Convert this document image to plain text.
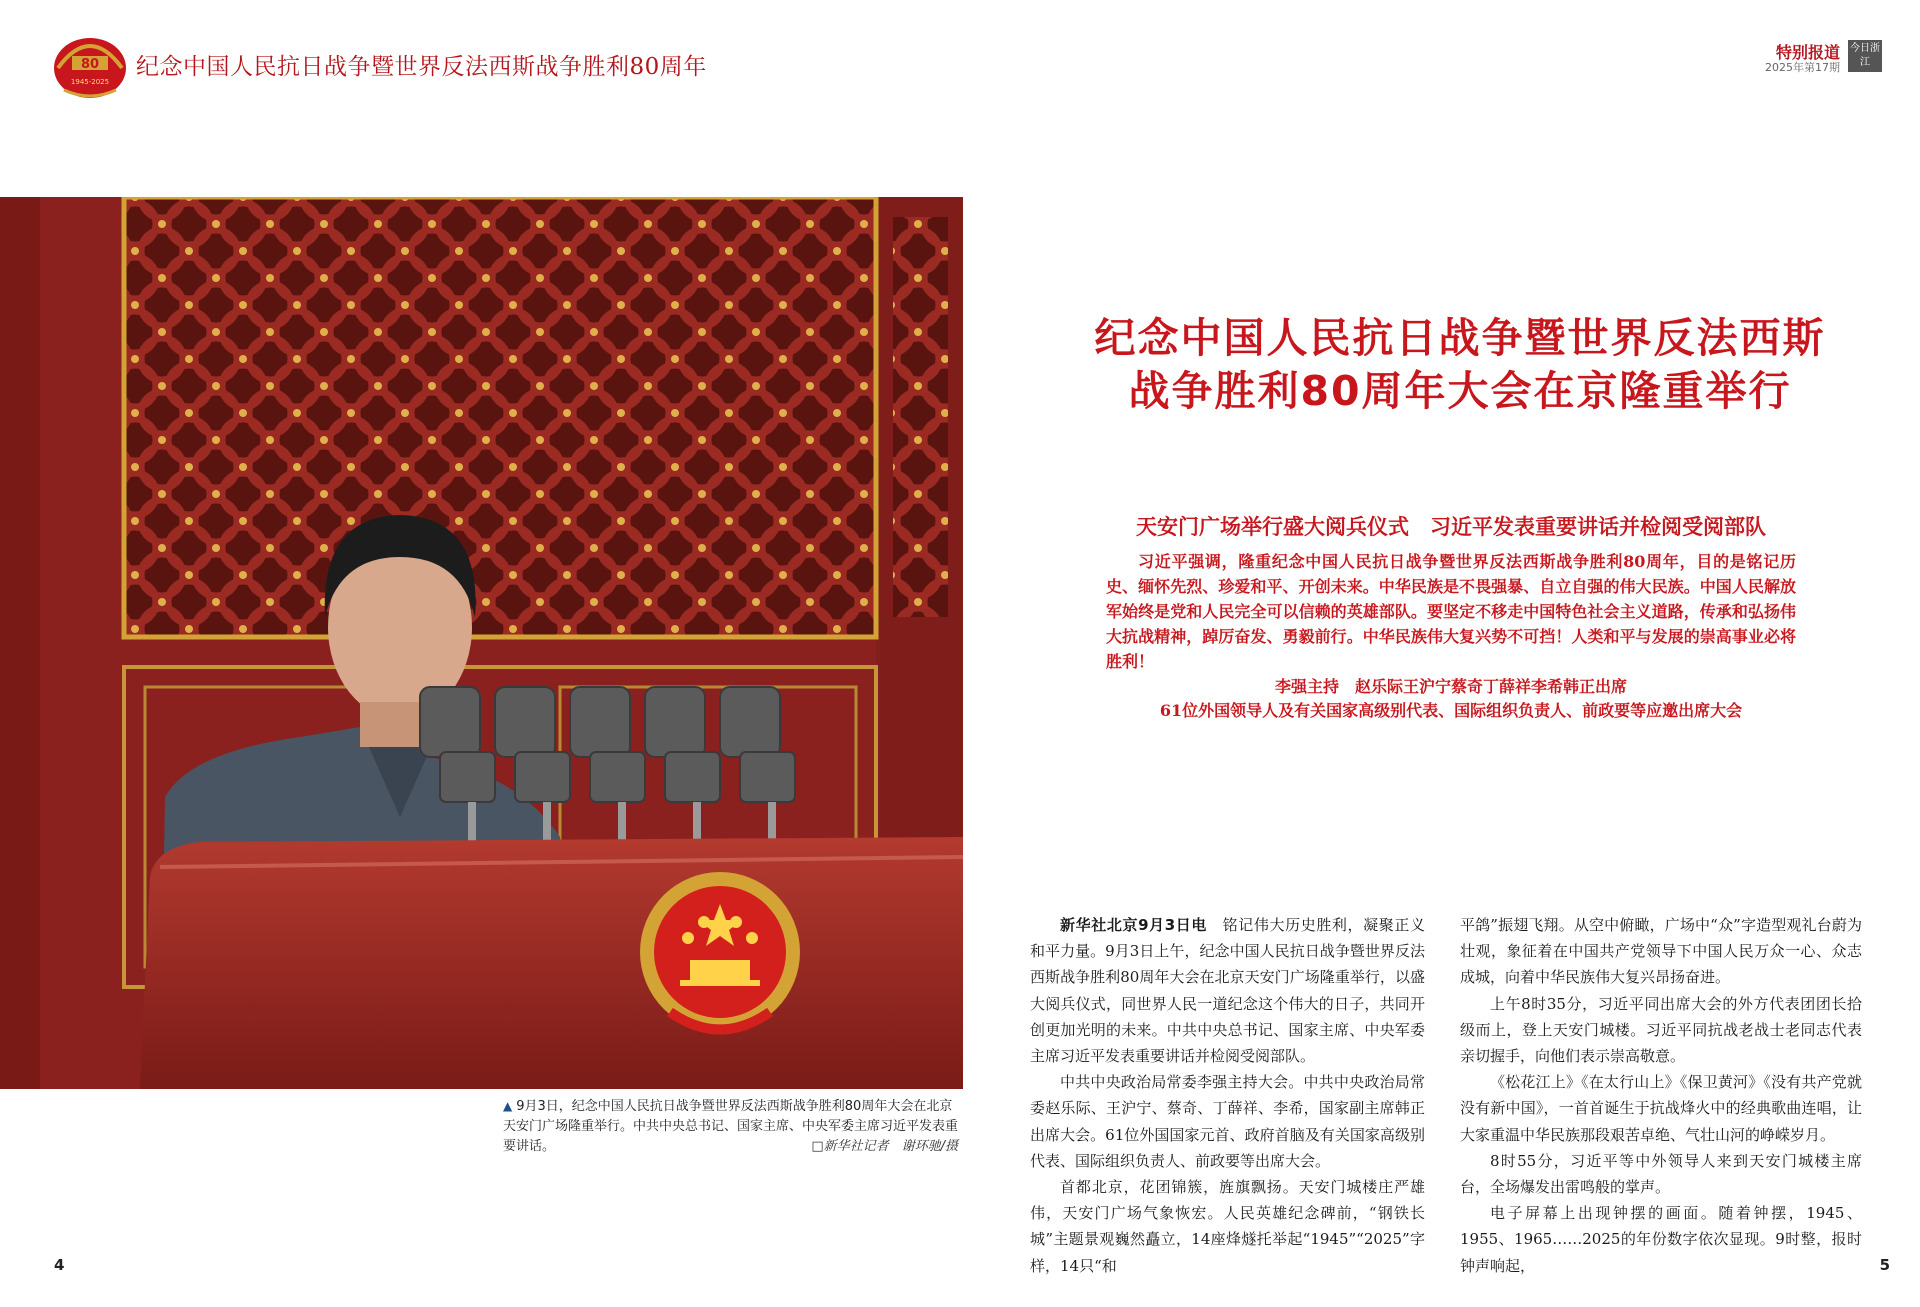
80
1945-2025
纪念中国人民抗日战争暨世界反法西斯战争胜利80周年
特别报道
2025年第17期
今日浙江
▲ 9月3日，纪念中国人民抗日战争暨世界反法西斯战争胜利80周年大会在北京天安门广场隆重举行。中共中央总书记、国家主席、中央军委主席习近平发表重要讲话。	□新华社记者　谢环驰/摄
纪念中国人民抗日战争暨世界反法西斯
战争胜利80周年大会在京隆重举行
天安门广场举行盛大阅兵仪式　习近平发表重要讲话并检阅受阅部队
习近平强调，隆重纪念中国人民抗日战争暨世界反法西斯战争胜利80周年，目的是铭记历史、缅怀先烈、珍爱和平、开创未来。中华民族是不畏强暴、自立自强的伟大民族。中国人民解放军始终是党和人民完全可以信赖的英雄部队。要坚定不移走中国特色社会主义道路，传承和弘扬伟大抗战精神，踔厉奋发、勇毅前行。中华民族伟大复兴势不可挡！人类和平与发展的崇高事业必将胜利！
李强主持　赵乐际王沪宁蔡奇丁薛祥李希韩正出席
61位外国领导人及有关国家高级别代表、国际组织负责人、前政要等应邀出席大会

新华社北京9月3日电　 铭记伟大历史胜利，凝聚正义和平力量。9月3日上午，纪念中国人民抗日战争暨世界反法西斯战争胜利80周年大会在北京天安门广场隆重举行，以盛大阅兵仪式，同世界人民一道纪念这个伟大的日子，共同开创更加光明的未来。中共中央总书记、国家主席、中央军委主席习近平发表重要讲话并检阅受阅部队。

中共中央政治局常委李强主持大会。中共中央政治局常委赵乐际、王沪宁、蔡奇、丁薛祥、李希，国家副主席韩正出席大会。61位外国国家元首、政府首脑及有关国家高级别代表、国际组织负责人、前政要等出席大会。

首都北京，花团锦簇，旌旗飘扬。天安门城楼庄严雄伟，天安门广场气象恢宏。人民英雄纪念碑前，“钢铁长城”主题景观巍然矗立，14座烽燧托举起“1945”“2025”字样，14只“和

平鸽”振翅飞翔。从空中俯瞰，广场中“众”字造型观礼台蔚为壮观，象征着在中国共产党领导下中国人民万众一心、众志成城，向着中华民族伟大复兴昂扬奋进。

上午8时35分，习近平同出席大会的外方代表团团长拾级而上，登上天安门城楼。习近平同抗战老战士老同志代表亲切握手，向他们表示崇高敬意。

《松花江上》《在太行山上》《保卫黄河》《没有共产党就没有新中国》，一首首诞生于抗战烽火中的经典歌曲连唱，让大家重温中华民族那段艰苦卓绝、气壮山河的峥嵘岁月。

8时55分，习近平等中外领导人来到天安门城楼主席台，全场爆发出雷鸣般的掌声。

电子屏幕上出现钟摆的画面。随着钟摆，1945、1955、1965……2025的年份数字依次显现。9时整，报时钟声响起，

4	5
